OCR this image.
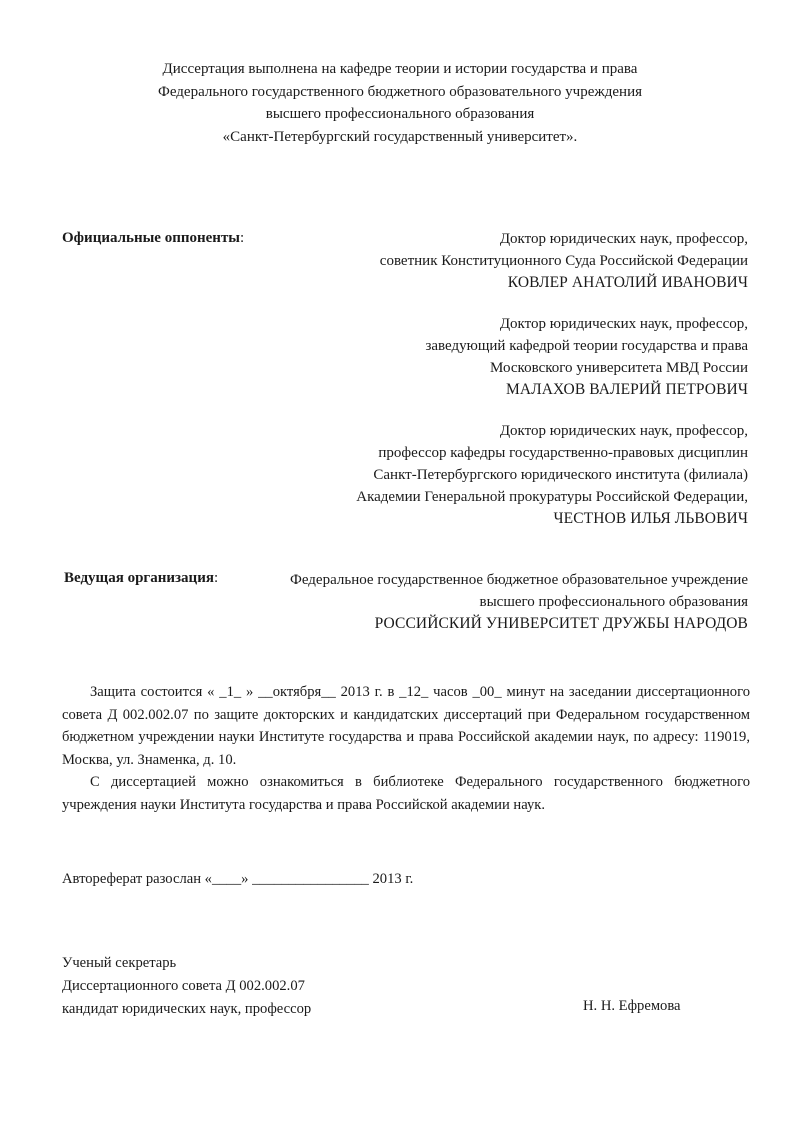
Диссертация выполнена на кафедре теории и истории государства и права
Федерального государственного бюджетного образовательного учреждения
высшего профессионального образования
«Санкт-Петербургский государственный университет».
Официальные оппоненты:	Доктор юридических наук, профессор,
советник Конституционного Суда Российской Федерации
КОВЛЕР АНАТОЛИЙ ИВАНОВИЧ
Доктор юридических наук, профессор,
заведующий кафедрой теории государства и права
Московского университета МВД России
МАЛАХОВ ВАЛЕРИЙ ПЕТРОВИЧ
Доктор юридических наук, профессор,
профессор кафедры государственно-правовых дисциплин
Санкт-Петербургского юридического института (филиала)
Академии Генеральной прокуратуры Российской Федерации,
ЧЕСТНОВ ИЛЬЯ ЛЬВОВИЧ
Ведущая организация:	Федеральное государственное бюджетное образовательное учреждение
высшего профессионального образования
РОССИЙСКИЙ УНИВЕРСИТЕТ ДРУЖБЫ НАРОДОВ

Защита состоится « _1_ » __октября__ 2013 г. в _12_ часов _00_ минут на заседании диссертационного совета Д 002.002.07 по защите докторских и кандидатских диссертаций при Федеральном государственном бюджетном учреждении науки Институте государства и права Российской академии наук, по адресу: 119019, Москва, ул. Знаменка, д. 10.

С диссертацией можно ознакомиться в библиотеке Федерального государственного бюджетного учреждения науки Института государства и права Российской академии наук.

Автореферат разослан «____» ________________ 2013 г.
Ученый секретарь
Диссертационного совета Д 002.002.07
кандидат юридических наук, профессор	Н. Н. Ефремова
